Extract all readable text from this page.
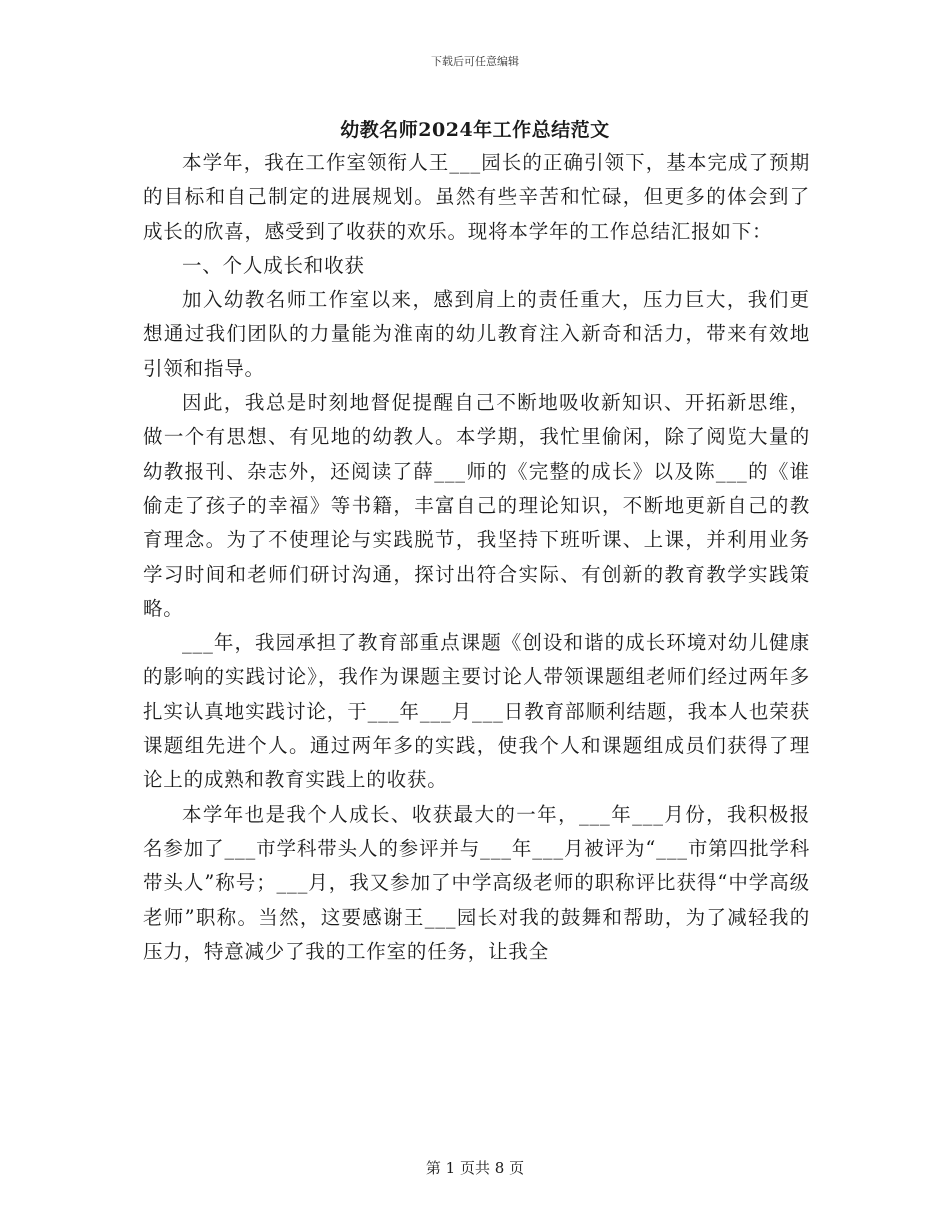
下载后可任意编辑
幼教名师2024年工作总结范文

本学年，我在工作室领衔人王___园长的正确引领下，基本完成了预期的目标和自己制定的进展规划。虽然有些辛苦和忙碌，但更多的体会到了成长的欣喜，感受到了收获的欢乐。现将本学年的工作总结汇报如下：

一、个人成长和收获

加入幼教名师工作室以来，感到肩上的责任重大，压力巨大，我们更想通过我们团队的力量能为淮南的幼儿教育注入新奇和活力，带来有效地引领和指导。

因此，我总是时刻地督促提醒自己不断地吸收新知识、开拓新思维，做一个有思想、有见地的幼教人。本学期，我忙里偷闲，除了阅览大量的幼教报刊、杂志外，还阅读了薛___师的《完整的成长》以及陈___的《谁偷走了孩子的幸福》等书籍，丰富自己的理论知识，不断地更新自己的教育理念。为了不使理论与实践脱节，我坚持下班听课、上课，并利用业务学习时间和老师们研讨沟通，探讨出符合实际、有创新的教育教学实践策略。

___年，我园承担了教育部重点课题《创设和谐的成长环境对幼儿健康的影响的实践讨论》，我作为课题主要讨论人带领课题组老师们经过两年多扎实认真地实践讨论，于___年___月___日教育部顺利结题，我本人也荣获课题组先进个人。通过两年多的实践，使我个人和课题组成员们获得了理论上的成熟和教育实践上的收获。

本学年也是我个人成长、收获最大的一年，___年___月份，我积极报名参加了___市学科带头人的参评并与___年___月被评为“___市第四批学科带头人”称号；___月，我又参加了中学高级老师的职称评比获得“中学高级老师”职称。当然，这要感谢王___园长对我的鼓舞和帮助，为了减轻我的压力，特意减少了我的工作室的任务，让我全

第 1 页共 8 页
